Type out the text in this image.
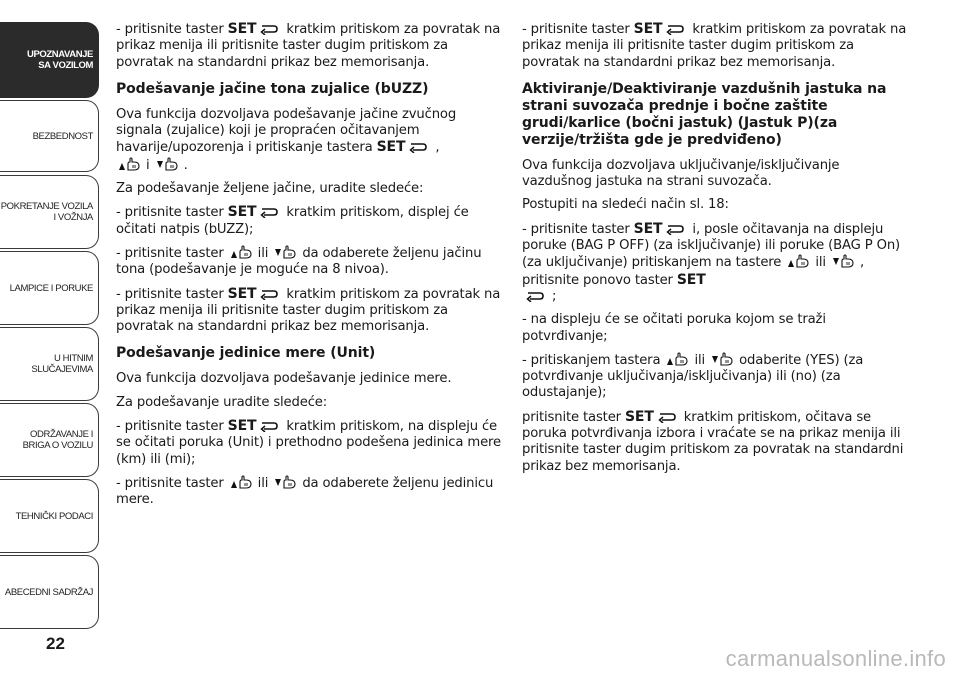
UPOZNAVANJE
SA VOZILOM
BEZBEDNOST
POKRETANJE VOZILA
I VOŽNJA
LAMPICE I PORUKE
U HITNIM
SLUČAJEVIMA
ODRŽAVANJE I
BRIGA O VOZILU
TEHNIČKI PODACI
ABECEDNI SADRŽAJ
22

- pritisnite taster SET kratkim pritiskom za povratak na prikaz menija ili pritisnite taster dugim pritiskom za povratak na standardni prikaz bez memorisanja.

Podešavanje jačine tona zujalice (bUZZ)

Ova funkcija dozvoljava podešavanje jačine zvučnog signala (zujalice) koji je propraćen očitavanjem havarije/upozorenja i pritiskanje tastera SET ,
i  .

Za podešavanje željene jačine, uradite sledeće:

- pritisnite taster SET kratkim pritiskom, displej će očitati natpis (bUZZ);

- pritisnite taster  ili  da odaberete željenu jačinu tona (podešavanje je moguće na 8 nivoa).

- pritisnite taster SET kratkim pritiskom za povratak na prikaz menija ili pritisnite taster dugim pritiskom za povratak na standardni prikaz bez memorisanja.

Podešavanje jedinice mere (Unit)

Ova funkcija dozvoljava podešavanje jedinice mere.

Za podešavanje uradite sledeće:

- pritisnite taster SET kratkim pritiskom, na displeju će se očitati poruka (Unit) i prethodno podešena jedinica mere (km) ili (mi);

- pritisnite taster  ili  da odaberete željenu jedinicu mere.

- pritisnite taster SET kratkim pritiskom za povratak na prikaz menija ili pritisnite taster dugim pritiskom za povratak na standardni prikaz bez memorisanja.

Aktiviranje/Deaktiviranje vazdušnih jastuka na strani suvozača prednje i bočne zaštite grudi/karlice (bočni jastuk) (Jastuk P)(za verzije/tržišta gde je predviđeno)

Ova funkcija dozvoljava uključivanje/isključivanje vazdušnog jastuka na strani suvozača.

Postupiti na sledeći način sl. 18:

- pritisnite taster SET i, posle očitavanja na displeju poruke (BAG P OFF) (za isključivanje) ili poruke (BAG P On) (za uključivanje) pritiskanjem na tastere  ili  , pritisnite ponovo taster SET
;

- na displeju će se očitati poruka kojom se traži potvrđivanje;

- pritiskanjem tastera  ili  odaberite (YES) (za potvrđivanje uključivanja/isključivanja) ili (no) (za odustajanje);

pritisnite taster SET kratkim pritiskom, očitava se poruka potvrđivanja izbora i vraćate se na prikaz menija ili pritisnite taster dugim pritiskom za povratak na standardni prikaz bez memorisanja.

carmanualsonline.info
